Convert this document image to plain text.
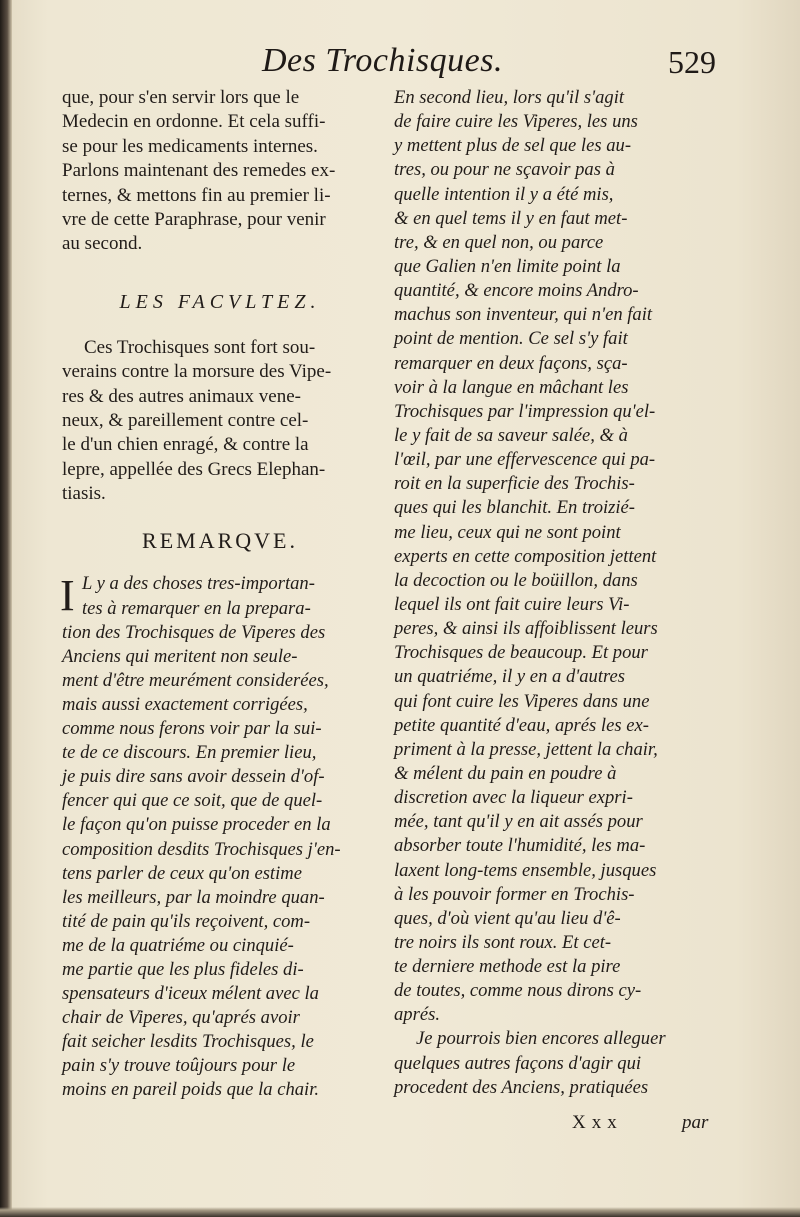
Des Trochisques.	529
que, pour s'en servir lors que le
Medecin en ordonne. Et cela suffi-
se pour les medicaments internes.
Parlons maintenant des remedes ex-
ternes, & mettons fin au premier li-
vre de cette Paraphrase, pour venir
au second.
LES FACVLTEZ.
Ces Trochisques sont fort sou-
verains contre la morsure des Vipe-
res & des autres animaux vene-
neux, & pareillement contre cel-
le d'un chien enragé, & contre la
lepre, appellée des Grecs Elephan-
tiasis.
REMARQVE.
I L y a des choses tres-importan-
tes à remarquer en la prepara-
tion des Trochisques de Viperes des
Anciens qui meritent non seule-
ment d'être meurément considerées,
mais aussi exactement corrigées,
comme nous ferons voir par la sui-
te de ce discours. En premier lieu,
je puis dire sans avoir dessein d'of-
fencer qui que ce soit, que de quel-
le façon qu'on puisse proceder en la
composition desdits Trochisques j'en-
tens parler de ceux qu'on estime
les meilleurs, par la moindre quan-
tité de pain qu'ils reçoivent, com-
me de la quatriéme ou cinquié-
me partie que les plus fideles di-
spensateurs d'iceux mélent avec la
chair de Viperes, qu'aprés avoir
fait seicher lesdits Trochisques, le
pain s'y trouve toûjours pour le
moins en pareil poids que la chair.
En second lieu, lors qu'il s'agit
de faire cuire les Viperes, les uns
y mettent plus de sel que les au-
tres, ou pour ne sçavoir pas à
quelle intention il y a été mis,
& en quel tems il y en faut met-
tre, & en quel non, ou parce
que Galien n'en limite point la
quantité, & encore moins Andro-
machus son inventeur, qui n'en fait
point de mention. Ce sel s'y fait
remarquer en deux façons, sça-
voir à la langue en mâchant les
Trochisques par l'impression qu'el-
le y fait de sa saveur salée, & à
l'œil, par une effervescence qui pa-
roit en la superficie des Trochis-
ques qui les blanchit. En troizié-
me lieu, ceux qui ne sont point
experts en cette composition jettent
la decoction ou le boüillon, dans
lequel ils ont fait cuire leurs Vi-
peres, & ainsi ils affoiblissent leurs
Trochisques de beaucoup. Et pour
un quatriéme, il y en a d'autres
qui font cuire les Viperes dans une
petite quantité d'eau, aprés les ex-
priment à la presse, jettent la chair,
& mélent du pain en poudre à
discretion avec la liqueur expri-
mée, tant qu'il y en ait assés pour
absorber toute l'humidité, les ma-
laxent long-tems ensemble, jusques
à les pouvoir former en Trochis-
ques, d'où vient qu'au lieu d'ê-
tre noirs ils sont roux. Et cet-
te derniere methode est la pire
de toutes, comme nous dirons cy-
aprés.
Je pourrois bien encores alleguer
quelques autres façons d'agir qui
procedent des Anciens, pratiquées
Xxx	par
